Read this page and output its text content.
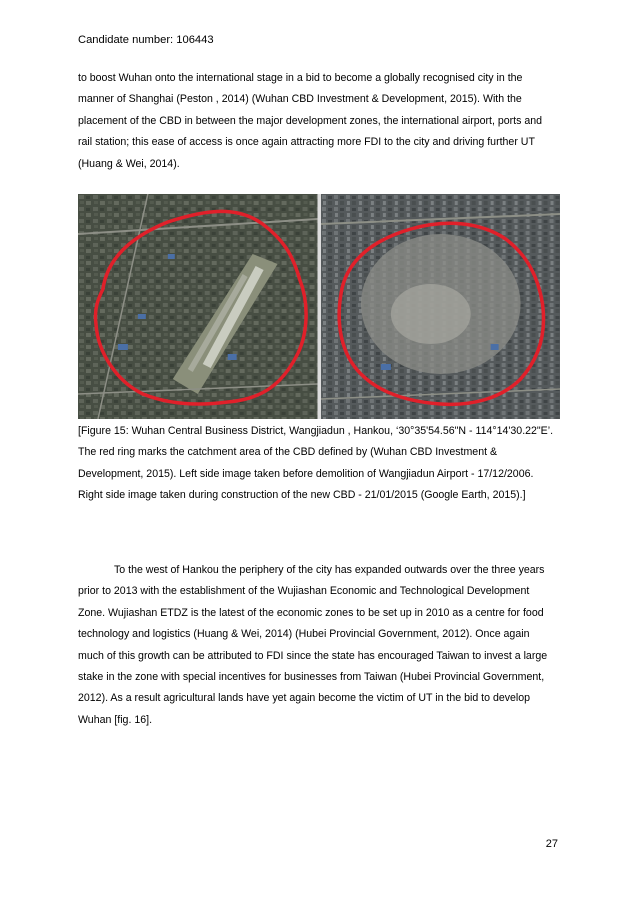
Candidate number: 106443

to boost Wuhan onto the international stage in a bid to become a globally recognised city in the
manner of Shanghai (Peston , 2014) (Wuhan CBD Investment & Development, 2015). With the
placement of the CBD in between the major development zones, the international airport, ports and
rail station; this ease of access is once again attracting more FDI to the city and driving further UT
(Huang & Wei, 2014).

[Figure 15: Wuhan Central Business District, Wangjiadun , Hankou, ‘30°35'54.56"N - 114°14'30.22"E’.
The red ring marks the catchment area of the CBD defined by (Wuhan CBD Investment &
Development, 2015). Left side image taken before demolition of Wangjiadun Airport - 17/12/2006.
Right side image taken during construction of the new CBD - 21/01/2015 (Google Earth, 2015).]

To the west of Hankou the periphery of the city has expanded outwards over the three years
prior to 2013 with the establishment of the Wujiashan Economic and Technological Development
Zone. Wujiashan ETDZ is the latest of the economic zones to be set up in 2010 as a centre for food
technology and logistics (Huang & Wei, 2014) (Hubei Provincial Government, 2012). Once again
much of this growth can be attributed to FDI since the state has encouraged Taiwan to invest a large
stake in the zone with special incentives for businesses from Taiwan (Hubei Provincial Government,
2012). As a result agricultural lands have yet again become the victim of UT in the bid to develop
Wuhan [fig. 16].

27
